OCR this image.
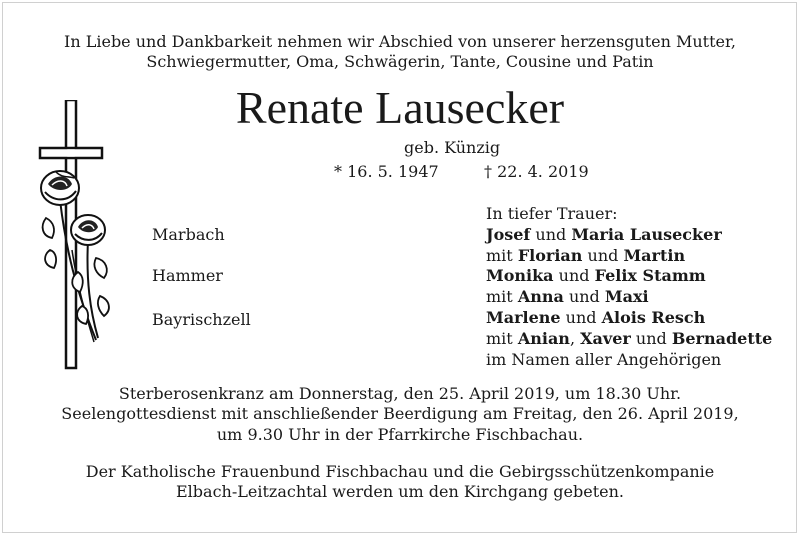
In Liebe und Dankbarkeit nehmen wir Abschied von unserer herzensguten Mutter,
Schwiegermutter, Oma, Schwägerin, Tante, Cousine und Patin
Renate Lausecker
geb. Künzig
* 16. 5. 1947	† 22. 4. 2019
Marbach
Hammer
Bayrischzell
In tiefer Trauer:
Josef und Maria Lausecker
mit Florian und Martin
Monika und Felix Stamm
mit Anna und Maxi
Marlene und Alois Resch
mit Anian, Xaver und Bernadette
im Namen aller Angehörigen
Sterberosenkranz am Donnerstag, den 25. April 2019, um 18.30 Uhr.
Seelengottesdienst mit anschließender Beerdigung am Freitag, den 26. April 2019,
um 9.30 Uhr in der Pfarrkirche Fischbachau.
Der Katholische Frauenbund Fischbachau und die Gebirgsschützenkompanie
Elbach-Leitzachtal werden um den Kirchgang gebeten.
